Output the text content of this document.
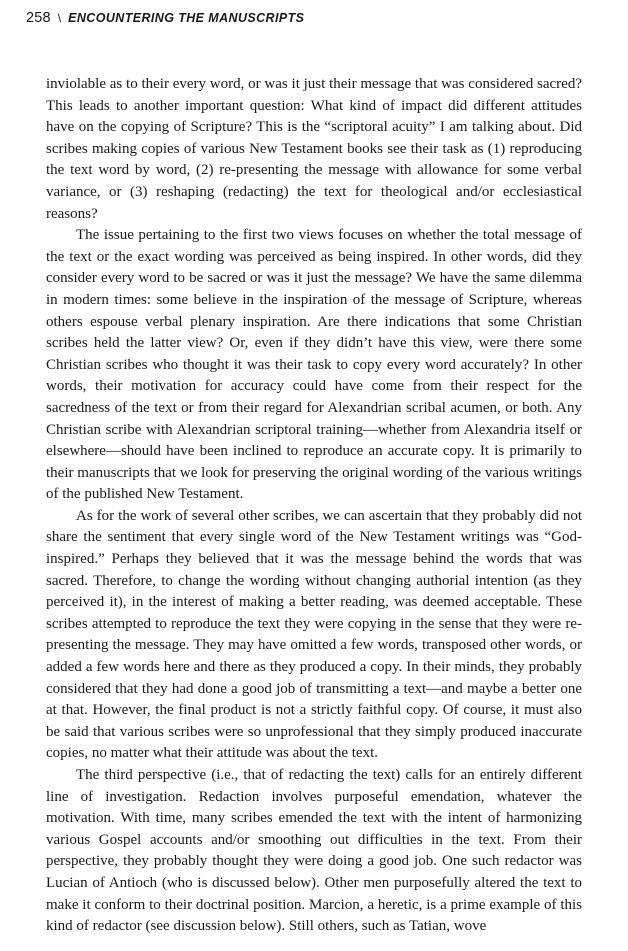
258 \ ENCOUNTERING THE MANUSCRIPTS

inviolable as to their every word, or was it just their message that was considered sacred? This leads to another important question: What kind of impact did different attitudes have on the copying of Scripture? This is the “scriptoral acuity” I am talking about. Did scribes making copies of various New Testament books see their task as (1) reproducing the text word by word, (2) re-presenting the message with allowance for some verbal variance, or (3) reshaping (redacting) the text for theological and/or ecclesiastical reasons?

The issue pertaining to the first two views focuses on whether the total message of the text or the exact wording was perceived as being inspired. In other words, did they consider every word to be sacred or was it just the message? We have the same dilemma in modern times: some believe in the inspiration of the message of Scripture, whereas others espouse verbal plenary inspiration. Are there indications that some Christian scribes held the latter view? Or, even if they didn’t have this view, were there some Christian scribes who thought it was their task to copy every word accurately? In other words, their motivation for accuracy could have come from their respect for the sacredness of the text or from their regard for Alexandrian scribal acumen, or both. Any Christian scribe with Alexandrian scriptoral training—whether from Alexandria itself or elsewhere—should have been inclined to reproduce an accurate copy. It is primarily to their manuscripts that we look for preserving the original wording of the various writings of the published New Testament.

As for the work of several other scribes, we can ascertain that they probably did not share the sentiment that every single word of the New Testament writings was “God-inspired.” Perhaps they believed that it was the message behind the words that was sacred. Therefore, to change the wording without changing authorial intention (as they perceived it), in the interest of making a better reading, was deemed acceptable. These scribes attempted to reproduce the text they were copying in the sense that they were re-presenting the message. They may have omitted a few words, transposed other words, or added a few words here and there as they produced a copy. In their minds, they probably considered that they had done a good job of transmitting a text—and maybe a better one at that. However, the final product is not a strictly faithful copy. Of course, it must also be said that various scribes were so unprofessional that they simply produced inaccurate copies, no matter what their attitude was about the text.

The third perspective (i.e., that of redacting the text) calls for an entirely different line of investigation. Redaction involves purposeful emendation, whatever the motivation. With time, many scribes emended the text with the intent of harmonizing various Gospel accounts and/or smoothing out difficulties in the text. From their perspective, they probably thought they were doing a good job. One such redactor was Lucian of Antioch (who is discussed below). Other men purposefully altered the text to make it conform to their doctrinal position. Marcion, a heretic, is a prime example of this kind of redactor (see discussion below). Still others, such as Tatian, wove
